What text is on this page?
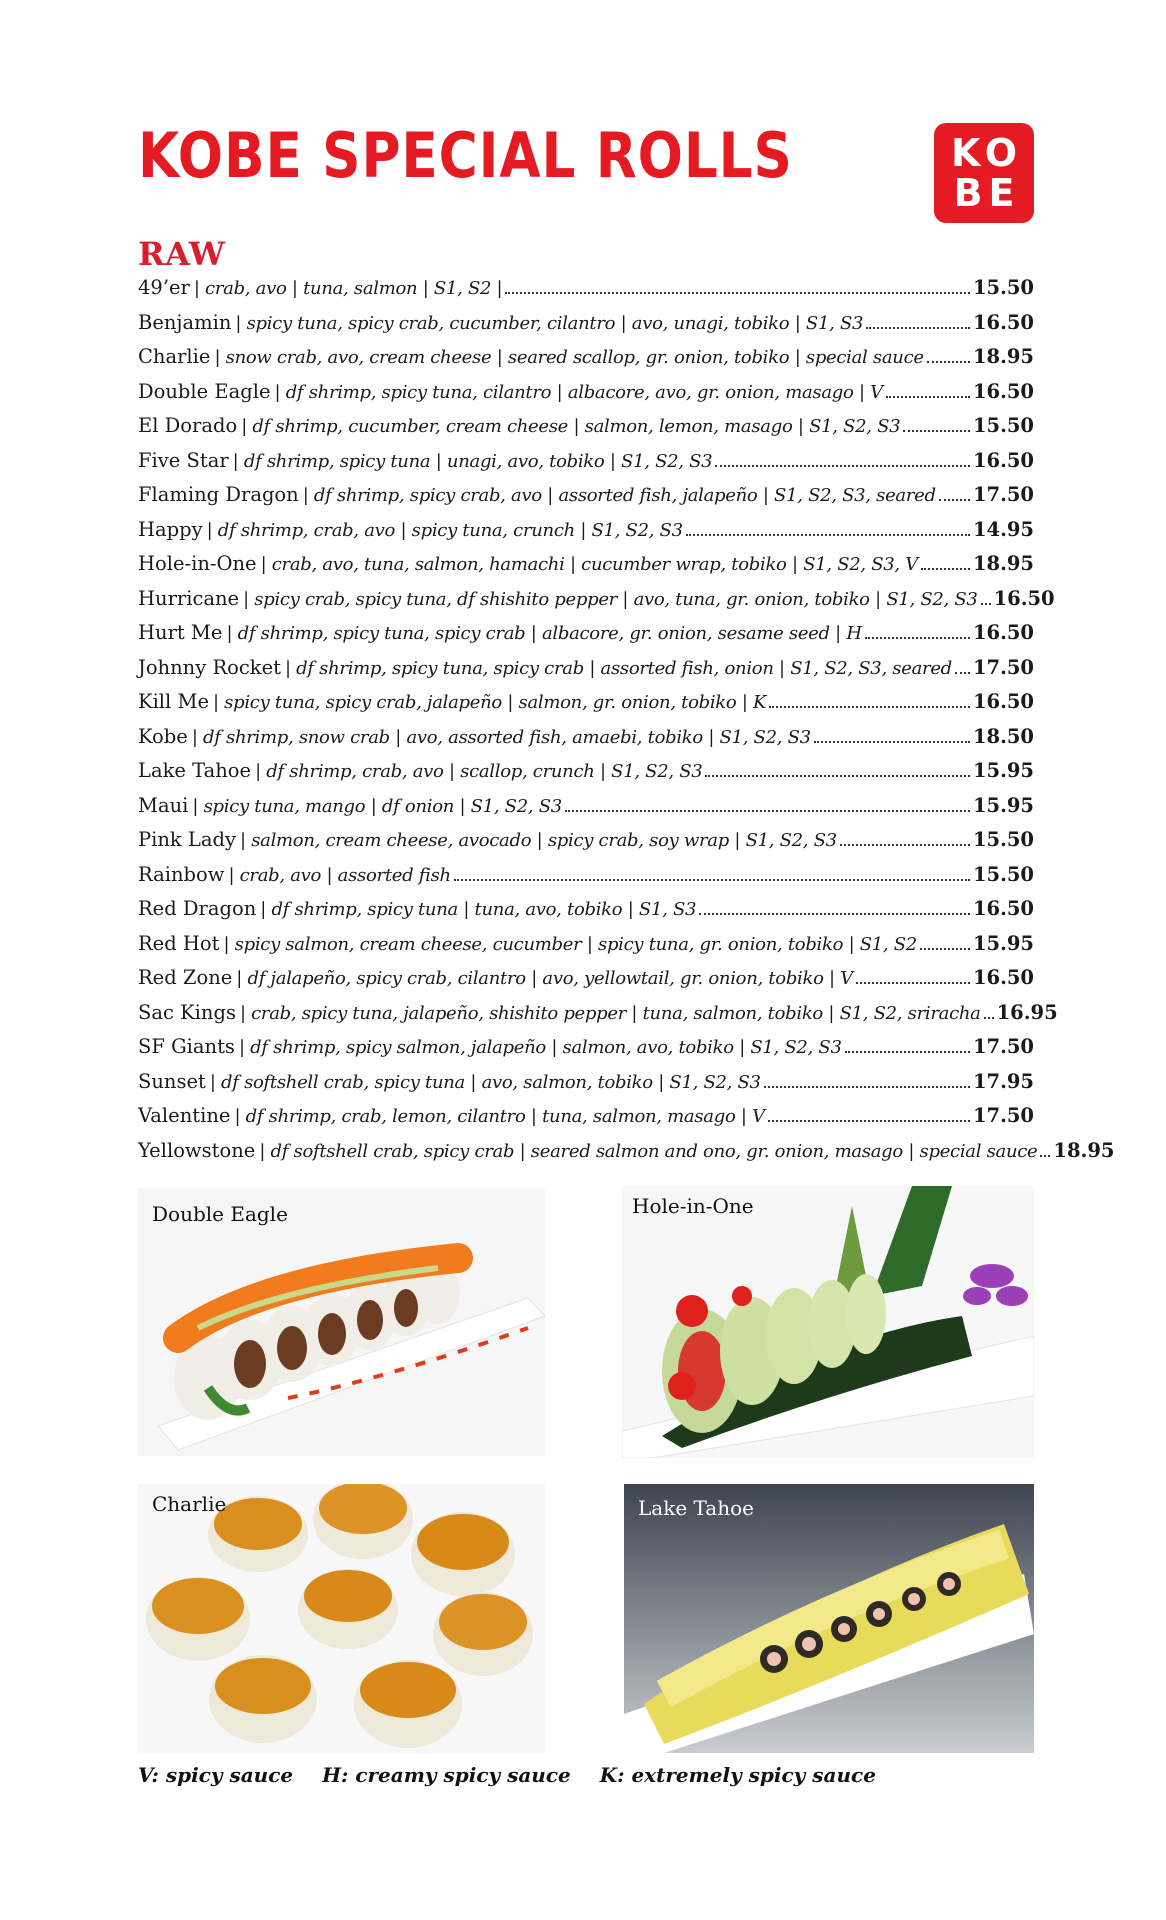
KOBE SPECIAL ROLLS	KO
BE
RAW
49’er | crab, avo | tuna, salmon | S1, S2 |	15.50
Benjamin | spicy tuna, spicy crab, cucumber, cilantro | avo, unagi, tobiko | S1, S3	16.50
Charlie | snow crab, avo, cream cheese | seared scallop, gr. onion, tobiko | special sauce	18.95
Double Eagle | df shrimp, spicy tuna, cilantro | albacore, avo, gr. onion, masago | V	16.50
El Dorado | df shrimp, cucumber, cream cheese | salmon, lemon, masago | S1, S2, S3	15.50
Five Star | df shrimp, spicy tuna | unagi, avo, tobiko | S1, S2, S3	16.50
Flaming Dragon | df shrimp, spicy crab, avo | assorted fish, jalapeño | S1, S2, S3, seared 17.50
Happy | df shrimp, crab, avo | spicy tuna, crunch | S1, S2, S3	14.95
Hole-in-One | crab, avo, tuna, salmon, hamachi | cucumber wrap, tobiko | S1, S2, S3, V	18.95
Hurricane | spicy crab, spicy tuna, df shishito pepper | avo, tuna, gr. onion, tobiko | S1, S2, S3 16.50
Hurt Me | df shrimp, spicy tuna, spicy crab | albacore, gr. onion, sesame seed | H	16.50
Johnny Rocket | df shrimp, spicy tuna, spicy crab | assorted fish, onion | S1, S2, S3, seared 17.50
Kill Me | spicy tuna, spicy crab, jalapeño | salmon, gr. onion, tobiko | K	16.50
Kobe | df shrimp, snow crab | avo, assorted fish, amaebi, tobiko | S1, S2, S3	18.50
Lake Tahoe | df shrimp, crab, avo | scallop, crunch | S1, S2, S3	15.95
Maui | spicy tuna, mango | df onion | S1, S2, S3	15.95
Pink Lady | salmon, cream cheese, avocado | spicy crab, soy wrap | S1, S2, S3	15.50
Rainbow | crab, avo | assorted fish	15.50
Red Dragon | df shrimp, spicy tuna | tuna, avo, tobiko | S1, S3	16.50
Red Hot | spicy salmon, cream cheese, cucumber | spicy tuna, gr. onion, tobiko | S1, S2	15.95
Red Zone | df jalapeño, spicy crab, cilantro | avo, yellowtail, gr. onion, tobiko | V	16.50
Sac Kings | crab, spicy tuna, jalapeño, shishito pepper | tuna, salmon, tobiko | S1, S2, sriracha 16.95
SF Giants | df shrimp, spicy salmon, jalapeño | salmon, avo, tobiko | S1, S2, S3	17.50
Sunset | df softshell crab, spicy tuna | avo, salmon, tobiko | S1, S2, S3	17.95
Valentine | df shrimp, crab, lemon, cilantro | tuna, salmon, masago | V	17.50
Yellowstone | df softshell crab, spicy crab | seared salmon and ono, gr. onion, masago | special sauce 18.95
Double Eagle	Hole-in-One
Charlie	Lake Tahoe
V: spicy sauce H: creamy spicy sauce K: extremely spicy sauce
